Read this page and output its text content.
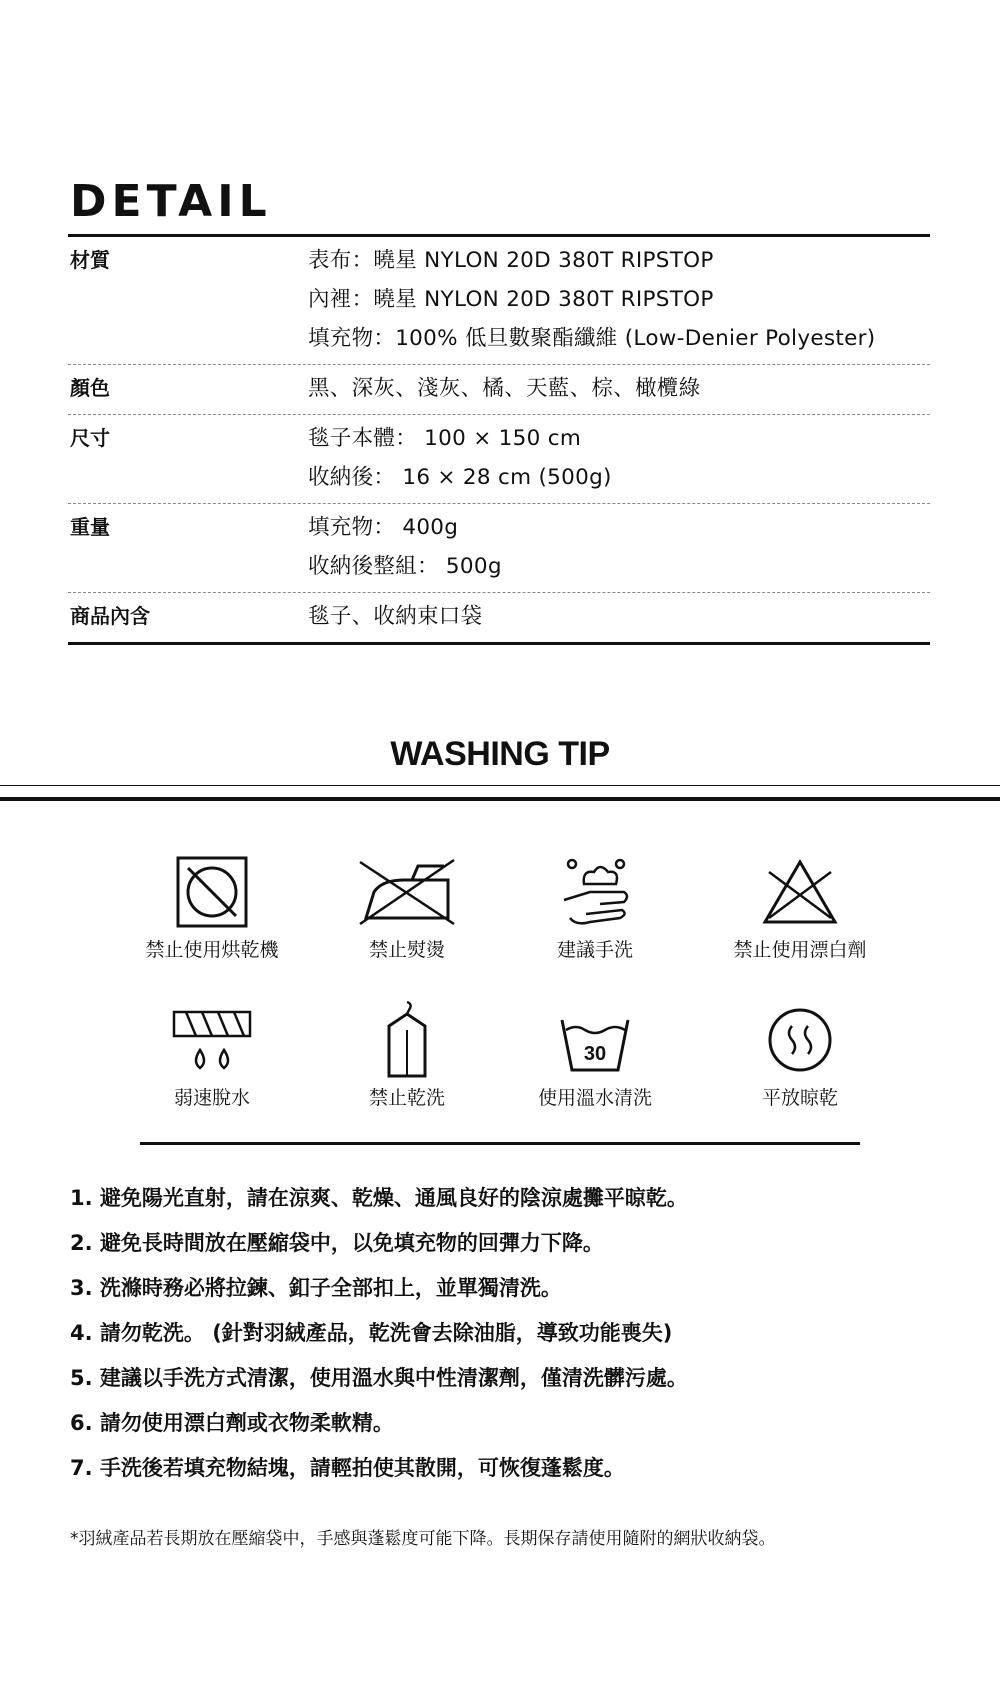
DETAIL
材質	表布：曉星 NYLON 20D 380T RIPSTOP
內裡：曉星 NYLON 20D 380T RIPSTOP
填充物：100% 低旦數聚酯纖維 (Low-Denier Polyester)
顏色	黑、深灰、淺灰、橘、天藍、棕、橄欖綠
尺寸	毯子本體： 100 × 150 cm
收納後： 16 × 28 cm (500g)
重量	填充物： 400g
收納後整組： 500g
商品內含	毯子、收納束口袋
WASHING TIP
禁止使用烘乾機	禁止熨燙	建議手洗	禁止使用漂白劑
弱速脫水	禁止乾洗
30
使用溫水清洗	平放晾乾
1. 避免陽光直射，請在涼爽、乾燥、通風良好的陰涼處攤平晾乾。
2. 避免長時間放在壓縮袋中，以免填充物的回彈力下降。
3. 洗滌時務必將拉鍊、釦子全部扣上，並單獨清洗。
4. 請勿乾洗。 (針對羽絨產品，乾洗會去除油脂，導致功能喪失)
5. 建議以手洗方式清潔，使用溫水與中性清潔劑，僅清洗髒污處。
6. 請勿使用漂白劑或衣物柔軟精。
7. 手洗後若填充物結塊，請輕拍使其散開，可恢復蓬鬆度。
*羽絨產品若長期放在壓縮袋中，手感與蓬鬆度可能下降。長期保存請使用隨附的網狀收納袋。
